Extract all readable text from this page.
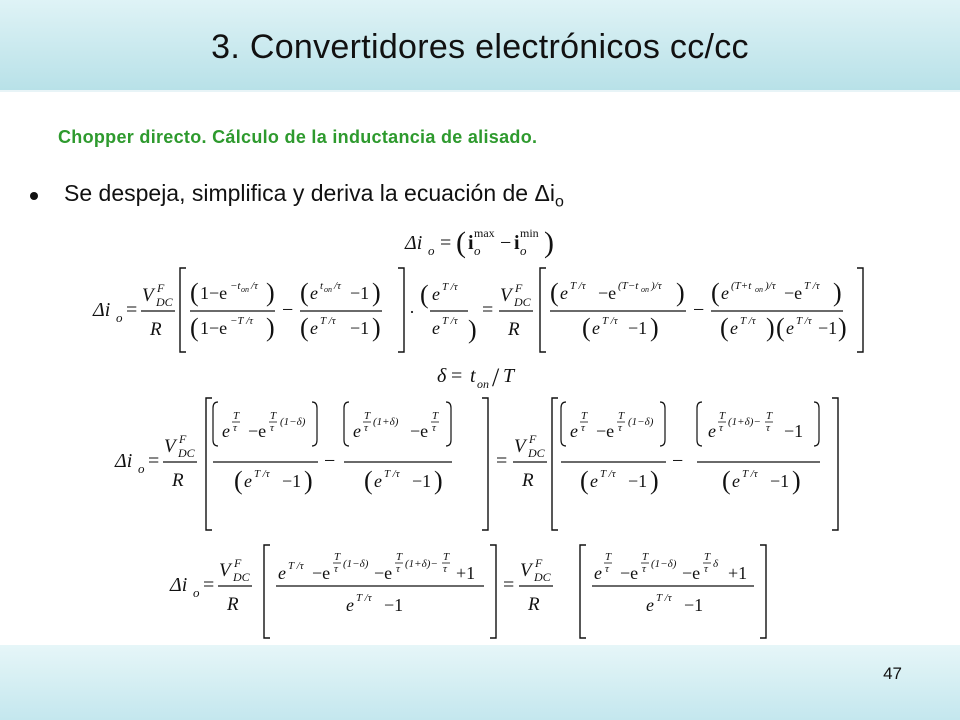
3. Convertidores electrónicos cc/cc
Chopper directo. Cálculo de la inductancia de alisado.
Se despeja, simplifica y deriva la ecuación de $\Delta i_o$
Δi o = ( i o
max − i o
min )
Δi o =
V DC
F
R
( 1−e −t on /τ )
( 1−e −T /τ )
−
( e t on /τ −1 )
( e T /τ −1 )
·
( e T /τ
e T /τ )
=
V DC
F
R
( e T /τ −e (T−t on )/τ )
( e T /τ −1 )
−
( e (T+t on )/τ −e T /τ )
( e T /τ ) ( e T /τ −1 )
δ = t on / T
Δi o =
V DC
F
R
e
T
τ −e
T
τ (1−δ)
( e T /τ −1 )
−
e
T
τ (1+δ) −e
T
τ
( e T /τ −1 )
=
V DC
F
R
e
T
τ −e
T
τ (1−δ)
( e T /τ −1 )
−
e
T
τ (1+δ)− T
τ −1
( e T /τ −1 )
Δi o =
V DC
F
R
e T /τ −e
T
τ (1−δ) −e
T
τ (1+δ)−
T
τ +1
e T /τ −1
=
V DC
F
R
e
T
τ −e
T
τ (1−δ) −e
T
τ δ +1
e T /τ −1
47
